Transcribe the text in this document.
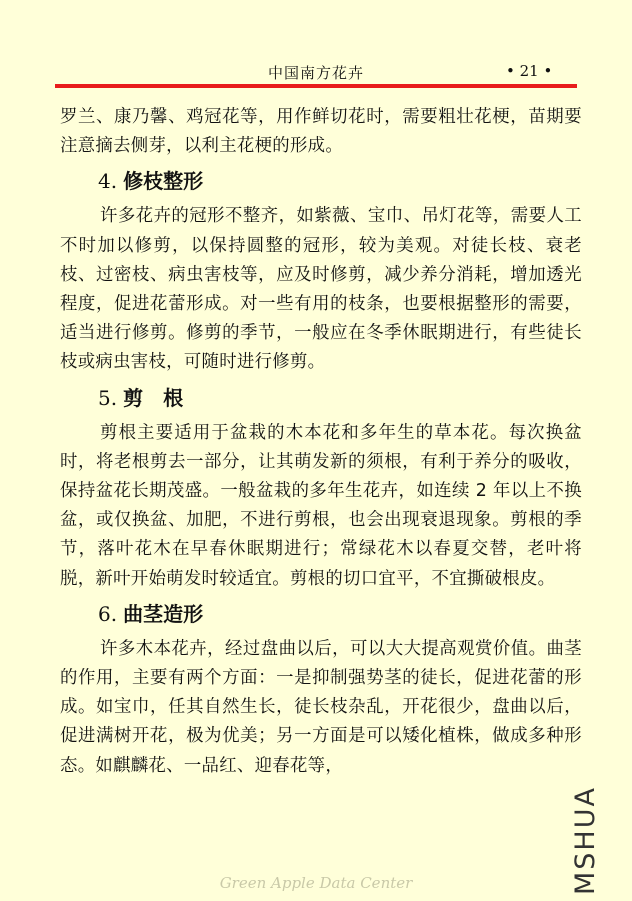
中国南方花卉	• 21 •

罗兰、康乃馨、鸡冠花等，用作鲜切花时，需要粗壮花梗，苗期要注意摘去侧芽，以利主花梗的形成。

4. 修枝整形

许多花卉的冠形不整齐，如紫薇、宝巾、吊灯花等，需要人工不时加以修剪，以保持圆整的冠形，较为美观。对徒长枝、衰老枝、过密枝、病虫害枝等，应及时修剪，减少养分消耗，增加透光程度，促进花蕾形成。对一些有用的枝条，也要根据整形的需要，适当进行修剪。修剪的季节，一般应在冬季休眠期进行，有些徒长枝或病虫害枝，可随时进行修剪。

5. 剪　根

剪根主要适用于盆栽的木本花和多年生的草本花。每次换盆时，将老根剪去一部分，让其萌发新的须根，有利于养分的吸收，保持盆花长期茂盛。一般盆栽的多年生花卉，如连续 2 年以上不换盆，或仅换盆、加肥，不进行剪根，也会出现衰退现象。剪根的季节，落叶花木在早春休眠期进行；常绿花木以春夏交替，老叶将脱，新叶开始萌发时较适宜。剪根的切口宜平，不宜撕破根皮。

6. 曲茎造形

许多木本花卉，经过盘曲以后，可以大大提高观赏价值。曲茎的作用，主要有两个方面：一是抑制强势茎的徒长，促进花蕾的形成。如宝巾，任其自然生长，徒长枝杂乱，开花很少，盘曲以后，促进满树开花，极为优美；另一方面是可以矮化植株，做成多种形态。如麒麟花、一品红、迎春花等，

Green Apple Data Center	MSHUA
